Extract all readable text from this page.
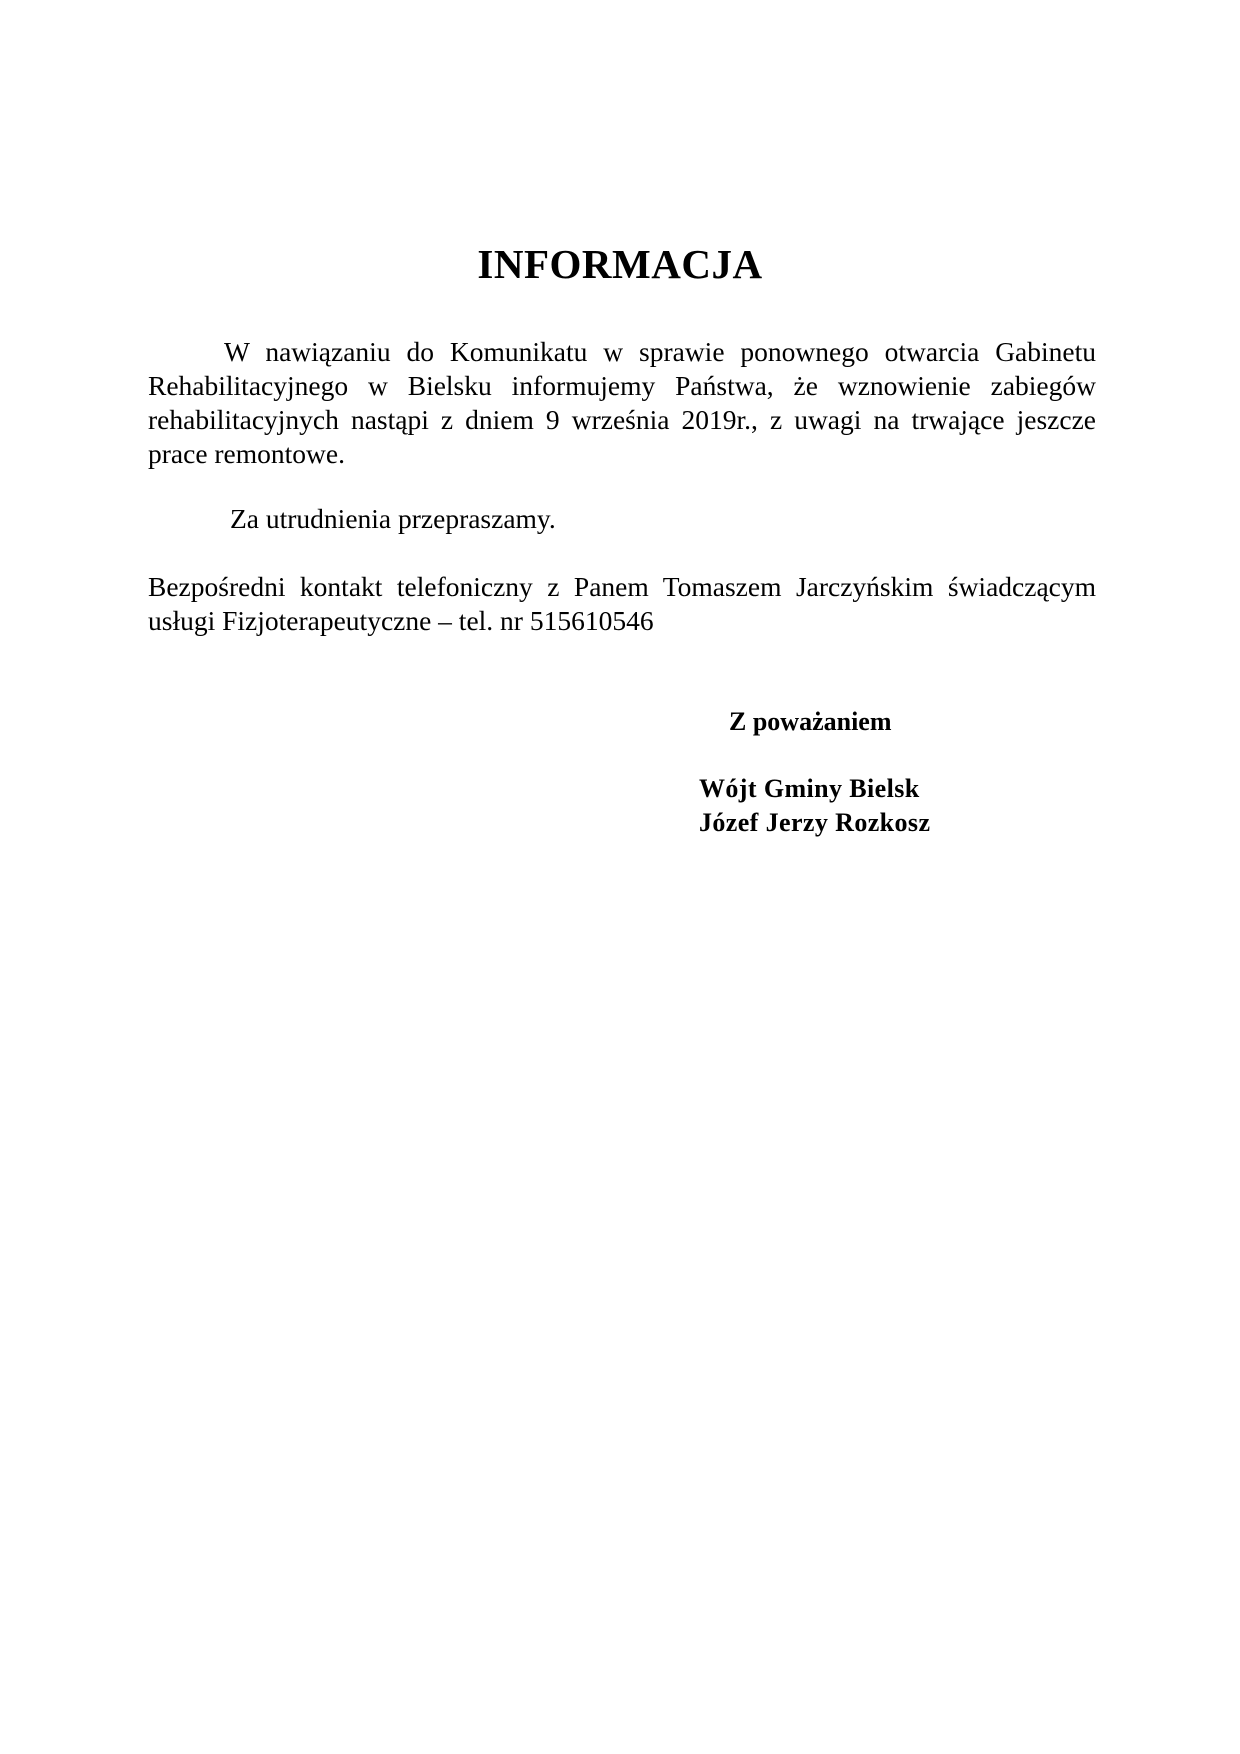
INFORMACJA

W nawiązaniu do Komunikatu w sprawie ponownego otwarcia Gabinetu Rehabilitacyjnego w Bielsku informujemy Państwa, że wznowienie zabiegów rehabilitacyjnych nastąpi z dniem 9 września 2019r., z uwagi na trwające jeszcze prace remontowe.

Za utrudnienia przepraszamy.

Bezpośredni kontakt telefoniczny z Panem Tomaszem Jarczyńskim świadczącym usługi Fizjoterapeutyczne – tel. nr 515610546

Z poważaniem

Wójt Gminy Bielsk

Józef Jerzy Rozkosz
